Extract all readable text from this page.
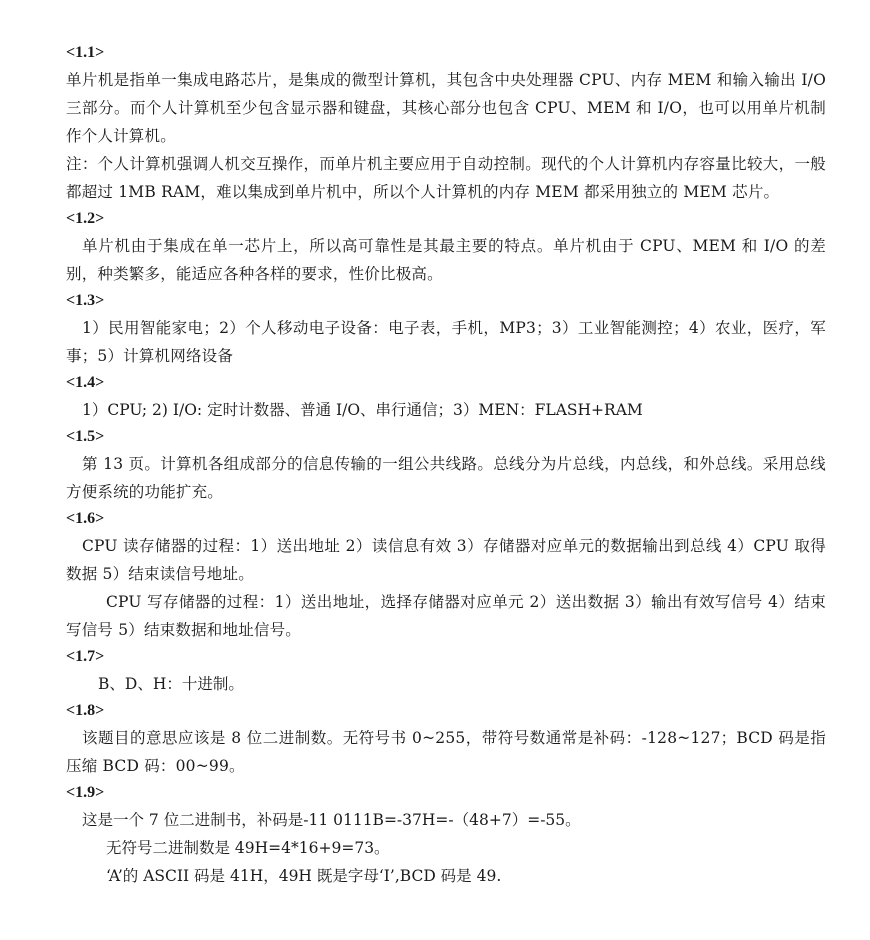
<1.1>

单片机是指单一集成电路芯片，是集成的微型计算机，其包含中央处理器 CPU、内存 MEM 和输入输出 I/O 三部分。而个人计算机至少包含显示器和键盘，其核心部分也包含 CPU、MEM 和 I/O，也可以用单片机制作个人计算机。

注：个人计算机强调人机交互操作，而单片机主要应用于自动控制。现代的个人计算机内存容量比较大，一般都超过 1MB RAM，难以集成到单片机中，所以个人计算机的内存 MEM 都采用独立的 MEM 芯片。

<1.2>

单片机由于集成在单一芯片上，所以高可靠性是其最主要的特点。单片机由于 CPU、MEM 和 I/O 的差别，种类繁多，能适应各种各样的要求，性价比极高。

<1.3>

1）民用智能家电；2）个人移动电子设备：电子表，手机，MP3；3）工业智能测控；4）农业，医疗，军事；5）计算机网络设备

<1.4>

1）CPU; 2) I/O: 定时计数器、普通 I/O、串行通信；3）MEN：FLASH+RAM

<1.5>

第 13 页。计算机各组成部分的信息传输的一组公共线路。总线分为片总线，内总线，和外总线。采用总线方便系统的功能扩充。

<1.6>

CPU 读存储器的过程：1）送出地址 2）读信息有效 3）存储器对应单元的数据输出到总线 4）CPU 取得数据 5）结束读信号地址。

CPU 写存储器的过程：1）送出地址，选择存储器对应单元 2）送出数据 3）输出有效写信号 4）结束写信号 5）结束数据和地址信号。

<1.7>

B、D、H：十进制。

<1.8>

该题目的意思应该是 8 位二进制数。无符号书 0~255，带符号数通常是补码：-128~127；BCD 码是指压缩 BCD 码：00~99。

<1.9>

这是一个 7 位二进制书，补码是-11 0111B=-37H=-（48+7）=-55。

无符号二进制数是 49H=4*16+9=73。

‘A’的 ASCII 码是 41H，49H 既是字母‘I’,BCD 码是 49.
